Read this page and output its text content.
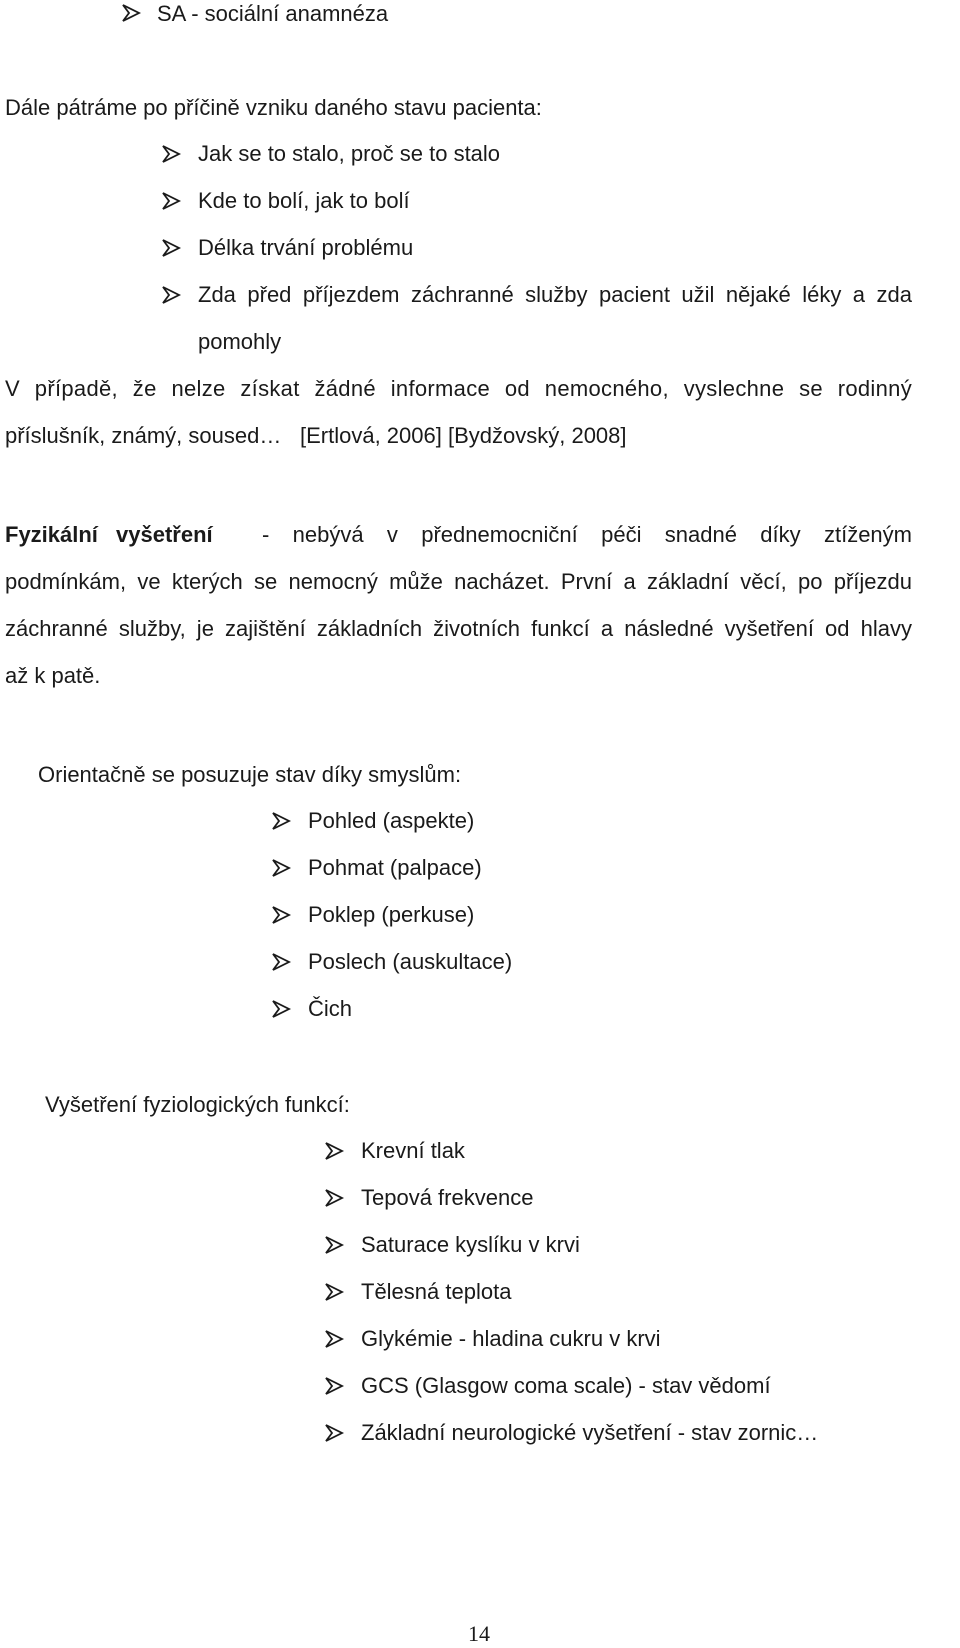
SA - sociální anamnéza
Dále pátráme po příčině vzniku daného stavu pacienta:
Jak se to stalo, proč se to stalo
Kde to bolí, jak to bolí
Délka trvání problému
Zda před příjezdem záchranné služby pacient užil nějaké léky a zda
pomohly
V případě, že nelze získat žádné informace od nemocného, vyslechne se rodinný
příslušník, známý, soused… [Ertlová, 2006] [Bydžovský, 2008]
Fyzikální vyšetření - nebývá v přednemocniční péči snadné díky ztíženým
podmínkám, ve kterých se nemocný může nacházet. První a základní věcí, po příjezdu
záchranné služby, je zajištění základních životních funkcí a následné vyšetření od hlavy
až k patě.
Orientačně se posuzuje stav díky smyslům:
Pohled (aspekte)
Pohmat (palpace)
Poklep (perkuse)
Poslech (auskultace)
Čich
Vyšetření fyziologických funkcí:
Krevní tlak
Tepová frekvence
Saturace kyslíku v krvi
Tělesná teplota
Glykémie - hladina cukru v krvi
GCS (Glasgow coma scale) - stav vědomí
Základní neurologické vyšetření - stav zornic…
14
